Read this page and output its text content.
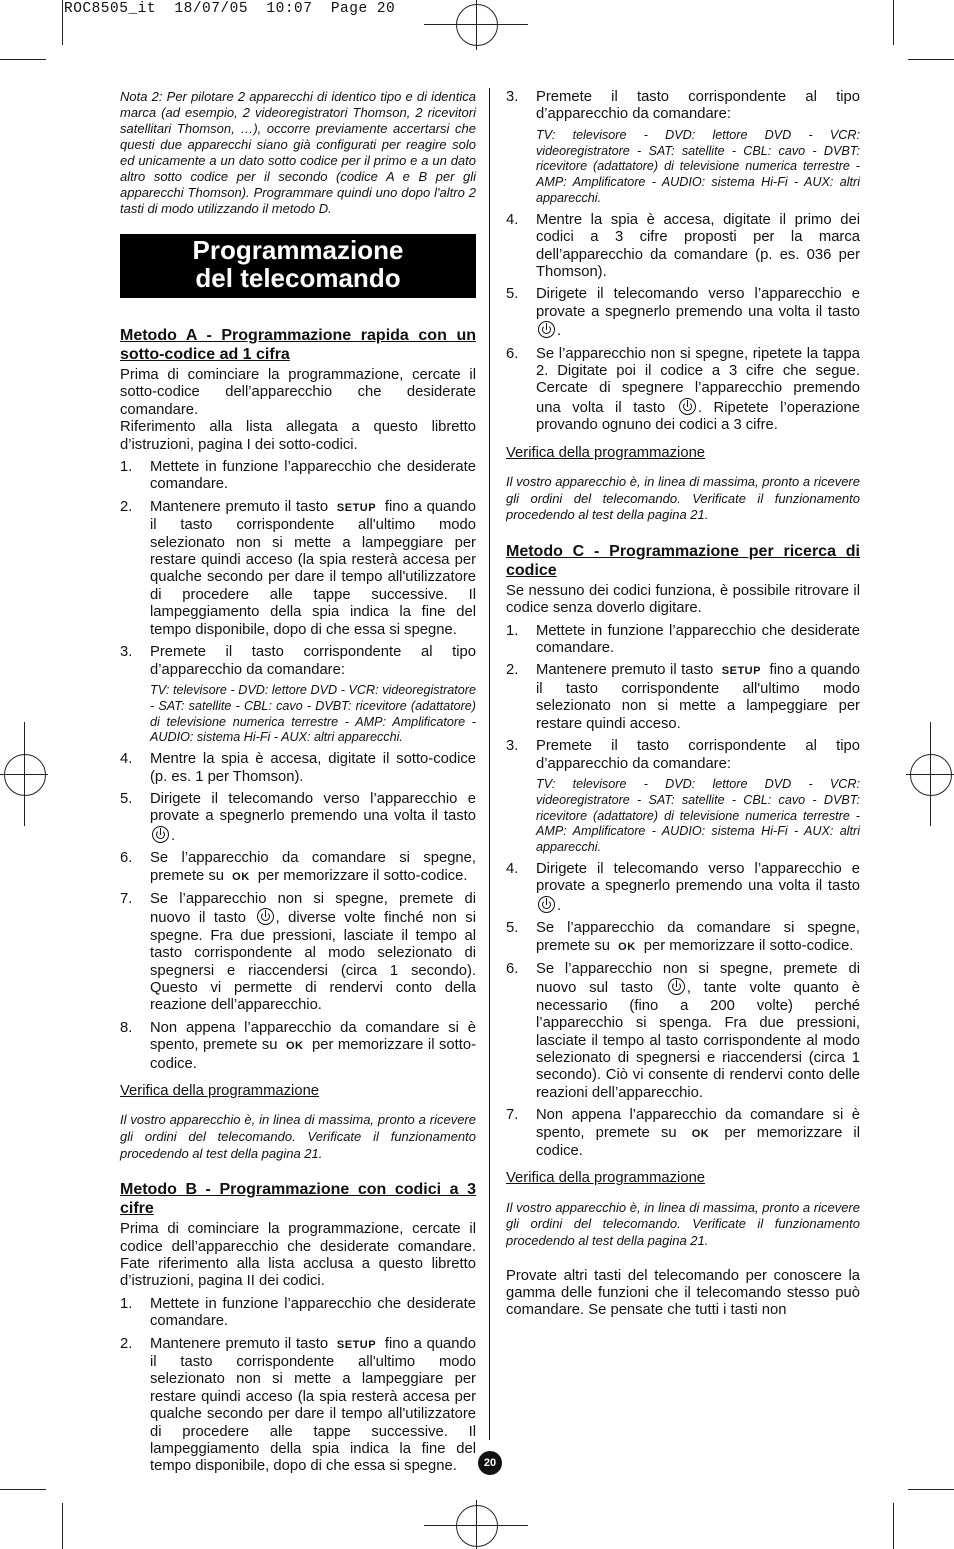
ROC8505_it  18/07/05  10:07  Page 20

Nota 2: Per pilotare 2 apparecchi di identico tipo e di identica marca (ad esempio, 2 videoregistratori Thomson, 2 ricevitori satellitari Thomson, …), occorre previamente accertarsi che questi due apparecchi siano già configurati per reagire solo ed unicamente a un dato sotto codice per il primo e a un dato altro sotto codice per il secondo (codice A e B per gli apparecchi Thomson). Programmare quindi uno dopo l'altro 2 tasti di modo utilizzando il metodo D.

Programmazione
del telecomando
Metodo A - Programmazione rapida con un sotto-codice ad 1 cifra

Prima di cominciare la programmazione, cercate il sotto-codice dell’apparecchio che desiderate comandare.

Riferimento alla lista allegata a questo libretto d’istruzioni, pagina I dei sotto-codici.

1. Mettete in funzione l’apparecchio che desiderate comandare.
2. Mantenere premuto il tasto SETUP fino a quando il tasto corrispondente all'ultimo modo selezionato non si mette a lampeggiare per restare quindi acceso (la spia resterà accesa per qualche secondo per dare il tempo all'utilizzatore di procedere alle tappe successive. Il lampeggiamento della spia indica la fine del tempo disponibile, dopo di che essa si spegne.
3. Premete il tasto corrispondente al tipo d’apparecchio da comandare:
TV: televisore - DVD: lettore DVD - VCR: videoregistratore - SAT: satellite - CBL: cavo - DVBT: ricevitore (adattatore) di televisione numerica terrestre - AMP: Amplificatore - AUDIO: sistema Hi-Fi - AUX: altri apparecchi.
4. Mentre la spia è accesa, digitate il sotto-codice (p. es. 1 per Thomson).
5. Dirigete il telecomando verso l’apparecchio e provate a spegnerlo premendo una volta il tasto .
6. Se l’apparecchio da comandare si spegne, premete su OK per memorizzare il sotto-codice.
7. Se l’apparecchio non si spegne, premete di nuovo il tasto , diverse volte finché non si spegne. Fra due pressioni, lasciate il tempo al tasto corrispondente al modo selezionato di spegnersi e riaccendersi (circa 1 secondo). Questo vi permette di rendervi conto della reazione dell’apparecchio.
8. Non appena l’apparecchio da comandare si è spento, premete su OK per memorizzare il sotto-codice.

Verifica della programmazione

Il vostro apparecchio è, in linea di massima, pronto a ricevere gli ordini del telecomando. Verificate il funzionamento procedendo al test della pagina 21.

Metodo B - Programmazione con codici a 3 cifre

Prima di cominciare la programmazione, cercate il codice dell’apparecchio che desiderate comandare. Fate riferimento alla lista acclusa a questo libretto d’istruzioni, pagina II dei codici.

1. Mettete in funzione l’apparecchio che desiderate comandare.
2. Mantenere premuto il tasto SETUP fino a quando il tasto corrispondente all'ultimo modo selezionato non si mette a lampeggiare per restare quindi acceso (la spia resterà accesa per qualche secondo per dare il tempo all'utilizzatore di procedere alle tappe successive. Il lampeggiamento della spia indica la fine del tempo disponibile, dopo di che essa si spegne.
3. Premete il tasto corrispondente al tipo d’apparecchio da comandare:
TV: televisore - DVD: lettore DVD - VCR: videoregistratore - SAT: satellite - CBL: cavo - DVBT: ricevitore (adattatore) di televisione numerica terrestre - AMP: Amplificatore - AUDIO: sistema Hi-Fi - AUX: altri apparecchi.
4. Mentre la spia è accesa, digitate il primo dei codici a 3 cifre proposti per la marca dell’apparecchio da comandare (p. es. 036 per Thomson).
5. Dirigete il telecomando verso l’apparecchio e provate a spegnerlo premendo una volta il tasto .
6. Se l’apparecchio non si spegne, ripetete la tappa 2. Digitate poi il codice a 3 cifre che segue. Cercate di spegnere l’apparecchio premendo una volta il tasto . Ripetete l’operazione provando ognuno dei codici a 3 cifre.

Verifica della programmazione

Il vostro apparecchio è, in linea di massima, pronto a ricevere gli ordini del telecomando. Verificate il funzionamento procedendo al test della pagina 21.

Metodo C - Programmazione per ricerca di codice

Se nessuno dei codici funziona, è possibile ritrovare il codice senza doverlo digitare.

1. Mettete in funzione l’apparecchio che desiderate comandare.
2. Mantenere premuto il tasto SETUP fino a quando il tasto corrispondente all'ultimo modo selezionato non si mette a lampeggiare per restare quindi acceso.
3. Premete il tasto corrispondente al tipo d’apparecchio da comandare:
TV: televisore - DVD: lettore DVD - VCR: videoregistratore - SAT: satellite - CBL: cavo - DVBT: ricevitore (adattatore) di televisione numerica terrestre - AMP: Amplificatore - AUDIO: sistema Hi-Fi - AUX: altri apparecchi.
4. Dirigete il telecomando verso l’apparecchio e provate a spegnerlo premendo una volta il tasto .
5. Se l’apparecchio da comandare si spegne, premete su OK per memorizzare il sotto-codice.
6. Se l’apparecchio non si spegne, premete di nuovo sul tasto , tante volte quanto è necessario (fino a 200 volte) perché l’apparecchio si spenga. Fra due pressioni, lasciate il tempo al tasto corrispondente al modo selezionato di spegnersi e riaccendersi (circa 1 secondo). Ciò vi consente di rendervi conto delle reazioni dell’apparecchio.
7. Non appena l’apparecchio da comandare si è spento, premete su OK per memorizzare il codice.

Verifica della programmazione

Il vostro apparecchio è, in linea di massima, pronto a ricevere gli ordini del telecomando. Verificate il funzionamento procedendo al test della pagina 21.

Provate altri tasti del telecomando per conoscere la gamma delle funzioni che il telecomando stesso può comandare. Se pensate che tutti i tasti non

20
